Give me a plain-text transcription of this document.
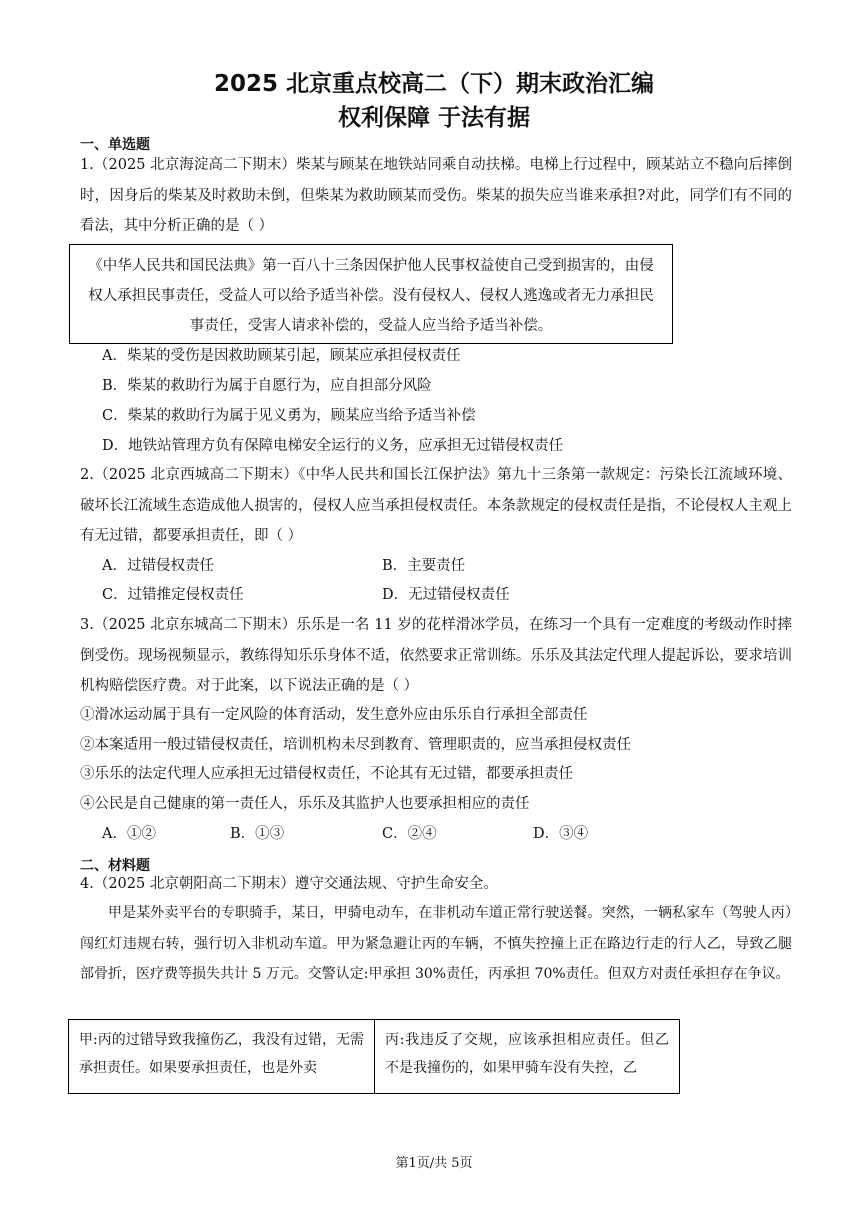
2025 北京重点校高二（下）期末政治汇编
权利保障 于法有据
一、单选题
1.（2025 北京海淀高二下期末）柴某与顾某在地铁站同乘自动扶梯。电梯上行过程中，顾某站立不稳向后摔倒时，因身后的柴某及时救助未倒，但柴某为救助顾某而受伤。柴某的损失应当谁来承担?对此，同学们有不同的看法，其中分析正确的是（ ）
《中华人民共和国民法典》第一百八十三条因保护他人民事权益使自己受到损害的，由侵权人承担民事责任，受益人可以给予适当补偿。没有侵权人、侵权人逃逸或者无力承担民事责任，受害人请求补偿的，受益人应当给予适当补偿。
A．柴某的受伤是因救助顾某引起，顾某应承担侵权责任
B．柴某的救助行为属于自愿行为，应自担部分风险
C．柴某的救助行为属于见义勇为，顾某应当给予适当补偿
D．地铁站管理方负有保障电梯安全运行的义务，应承担无过错侵权责任
2.（2025 北京西城高二下期末）《中华人民共和国长江保护法》第九十三条第一款规定：污染长江流域环境、破坏长江流域生态造成他人损害的，侵权人应当承担侵权责任。本条款规定的侵权责任是指，不论侵权人主观上有无过错，都要承担责任，即（ ）
A．过错侵权责任	B．主要责任
C．过错推定侵权责任	D．无过错侵权责任
3.（2025 北京东城高二下期末）乐乐是一名 11 岁的花样滑冰学员，在练习一个具有一定难度的考级动作时摔倒受伤。现场视频显示，教练得知乐乐身体不适，依然要求正常训练。乐乐及其法定代理人提起诉讼，要求培训机构赔偿医疗费。对于此案，以下说法正确的是（ ）
①滑冰运动属于具有一定风险的体育活动，发生意外应由乐乐自行承担全部责任
②本案适用一般过错侵权责任，培训机构未尽到教育、管理职责的，应当承担侵权责任
③乐乐的法定代理人应承担无过错侵权责任，不论其有无过错，都要承担责任
④公民是自己健康的第一责任人，乐乐及其监护人也要承担相应的责任
A．①②	B．①③	C．②④	D．③④
二、材料题
4.（2025 北京朝阳高二下期末）遵守交通法规、守护生命安全。
甲是某外卖平台的专职骑手，某日，甲骑电动车，在非机动车道正常行驶送餐。突然，一辆私家车（驾驶人丙）闯红灯违规右转，强行切入非机动车道。甲为紧急避让丙的车辆，不慎失控撞上正在路边行走的行人乙，导致乙腿部骨折，医疗费等损失共计 5 万元。交警认定:甲承担 30%责任，丙承担 70%责任。但双方对责任承担存在争议。
甲:丙的过错导致我撞伤乙，我没有过错，无需承担责任。如果要承担责任，也是外卖
丙:我违反了交规，应该承担相应责任。但乙不是我撞伤的，如果甲骑车没有失控，乙
第1页/共 5页
